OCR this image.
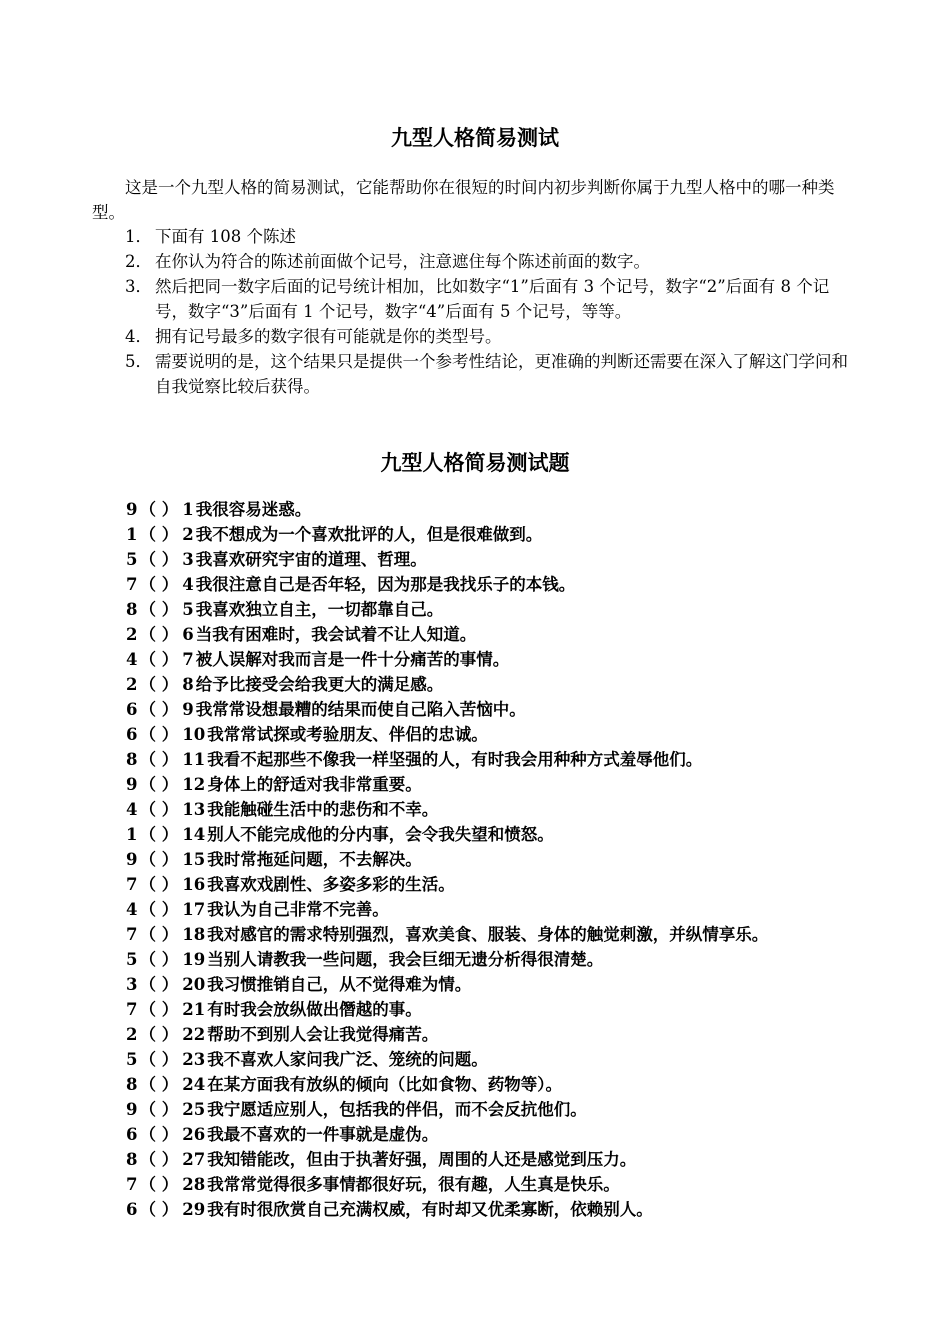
九型人格简易测试

这是一个九型人格的简易测试，它能帮助你在很短的时间内初步判断你属于九型人格中的哪一种类型。

1． 下面有 108 个陈述
2． 在你认为符合的陈述前面做个记号，注意遮住每个陈述前面的数字。
3． 然后把同一数字后面的记号统计相加，比如数字“1”后面有 3 个记号，数字“2”后面有 8 个记号，数字“3”后面有 1 个记号，数字“4”后面有 5 个记号，等等。
4． 拥有记号最多的数字很有可能就是你的类型号。
5． 需要说明的是，这个结果只是提供一个参考性结论，更准确的判断还需要在深入了解这门学问和自我觉察比较后获得。
九型人格简易测试题
9 （ ） 1 我很容易迷惑。
1 （ ） 2 我不想成为一个喜欢批评的人，但是很难做到。
5 （ ） 3 我喜欢研究宇宙的道理、哲理。
7 （ ） 4 我很注意自己是否年轻，因为那是我找乐子的本钱。
8 （ ） 5 我喜欢独立自主，一切都靠自己。
2 （ ） 6 当我有困难时，我会试着不让人知道。
4 （ ） 7 被人误解对我而言是一件十分痛苦的事情。
2 （ ） 8 给予比接受会给我更大的满足感。
6 （ ） 9 我常常设想最糟的结果而使自己陷入苦恼中。
6 （ ） 10 我常常试探或考验朋友、伴侣的忠诚。
8 （ ） 11 我看不起那些不像我一样坚强的人，有时我会用种种方式羞辱他们。
9 （ ） 12 身体上的舒适对我非常重要。
4 （ ） 13 我能触碰生活中的悲伤和不幸。
1 （ ） 14 别人不能完成他的分内事，会令我失望和愤怒。
9 （ ） 15 我时常拖延问题，不去解决。
7 （ ） 16 我喜欢戏剧性、多姿多彩的生活。
4 （ ） 17 我认为自己非常不完善。
7 （ ） 18 我对感官的需求特别强烈，喜欢美食、服装、身体的触觉刺激，并纵情享乐。
5 （ ） 19 当别人请教我一些问题，我会巨细无遗分析得很清楚。
3 （ ） 20 我习惯推销自己，从不觉得难为情。
7 （ ） 21 有时我会放纵做出僭越的事。
2 （ ） 22 帮助不到别人会让我觉得痛苦。
5 （ ） 23 我不喜欢人家问我广泛、笼统的问题。
8 （ ） 24 在某方面我有放纵的倾向（比如食物、药物等）。
9 （ ） 25 我宁愿适应别人，包括我的伴侣，而不会反抗他们。
6 （ ） 26 我最不喜欢的一件事就是虚伪。
8 （ ） 27 我知错能改，但由于执著好强，周围的人还是感觉到压力。
7 （ ） 28 我常常觉得很多事情都很好玩，很有趣，人生真是快乐。
6 （ ） 29 我有时很欣赏自己充满权威，有时却又优柔寡断，依赖别人。
